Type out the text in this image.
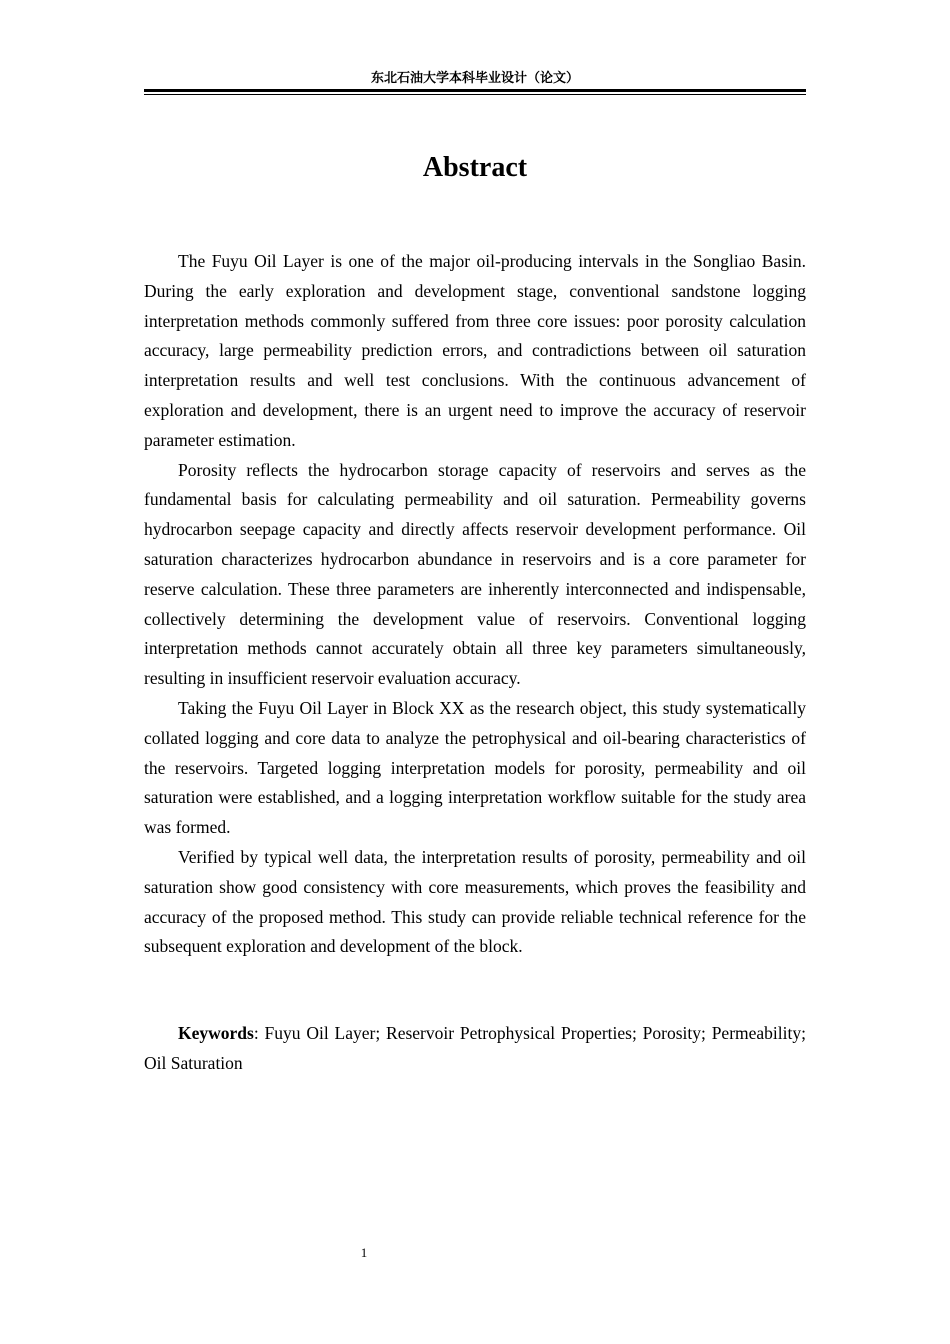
东北石油大学本科毕业设计（论文）
Abstract

The Fuyu Oil Layer is one of the major oil-producing intervals in the Songliao Basin. During the early exploration and development stage, conventional sandstone logging interpretation methods commonly suffered from three core issues: poor porosity calculation accuracy, large permeability prediction errors, and contradictions between oil saturation interpretation results and well test conclusions. With the continuous advancement of exploration and development, there is an urgent need to improve the accuracy of reservoir parameter estimation.

Porosity reflects the hydrocarbon storage capacity of reservoirs and serves as the fundamental basis for calculating permeability and oil saturation. Permeability governs hydrocarbon seepage capacity and directly affects reservoir development performance. Oil saturation characterizes hydrocarbon abundance in reservoirs and is a core parameter for reserve calculation. These three parameters are inherently interconnected and indispensable, collectively determining the development value of reservoirs. Conventional logging interpretation methods cannot accurately obtain all three key parameters simultaneously, resulting in insufficient reservoir evaluation accuracy.

Taking the Fuyu Oil Layer in Block XX as the research object, this study systematically collated logging and core data to analyze the petrophysical and oil-bearing characteristics of the reservoirs. Targeted logging interpretation models for porosity, permeability and oil saturation were established, and a logging interpretation workflow suitable for the study area was formed.

Verified by typical well data, the interpretation results of porosity, permeability and oil saturation show good consistency with core measurements, which proves the feasibility and accuracy of the proposed method. This study can provide reliable technical reference for the subsequent exploration and development of the block.

Keywords: Fuyu Oil Layer; Reservoir Petrophysical Properties; Porosity; Permeability; Oil Saturation

1
